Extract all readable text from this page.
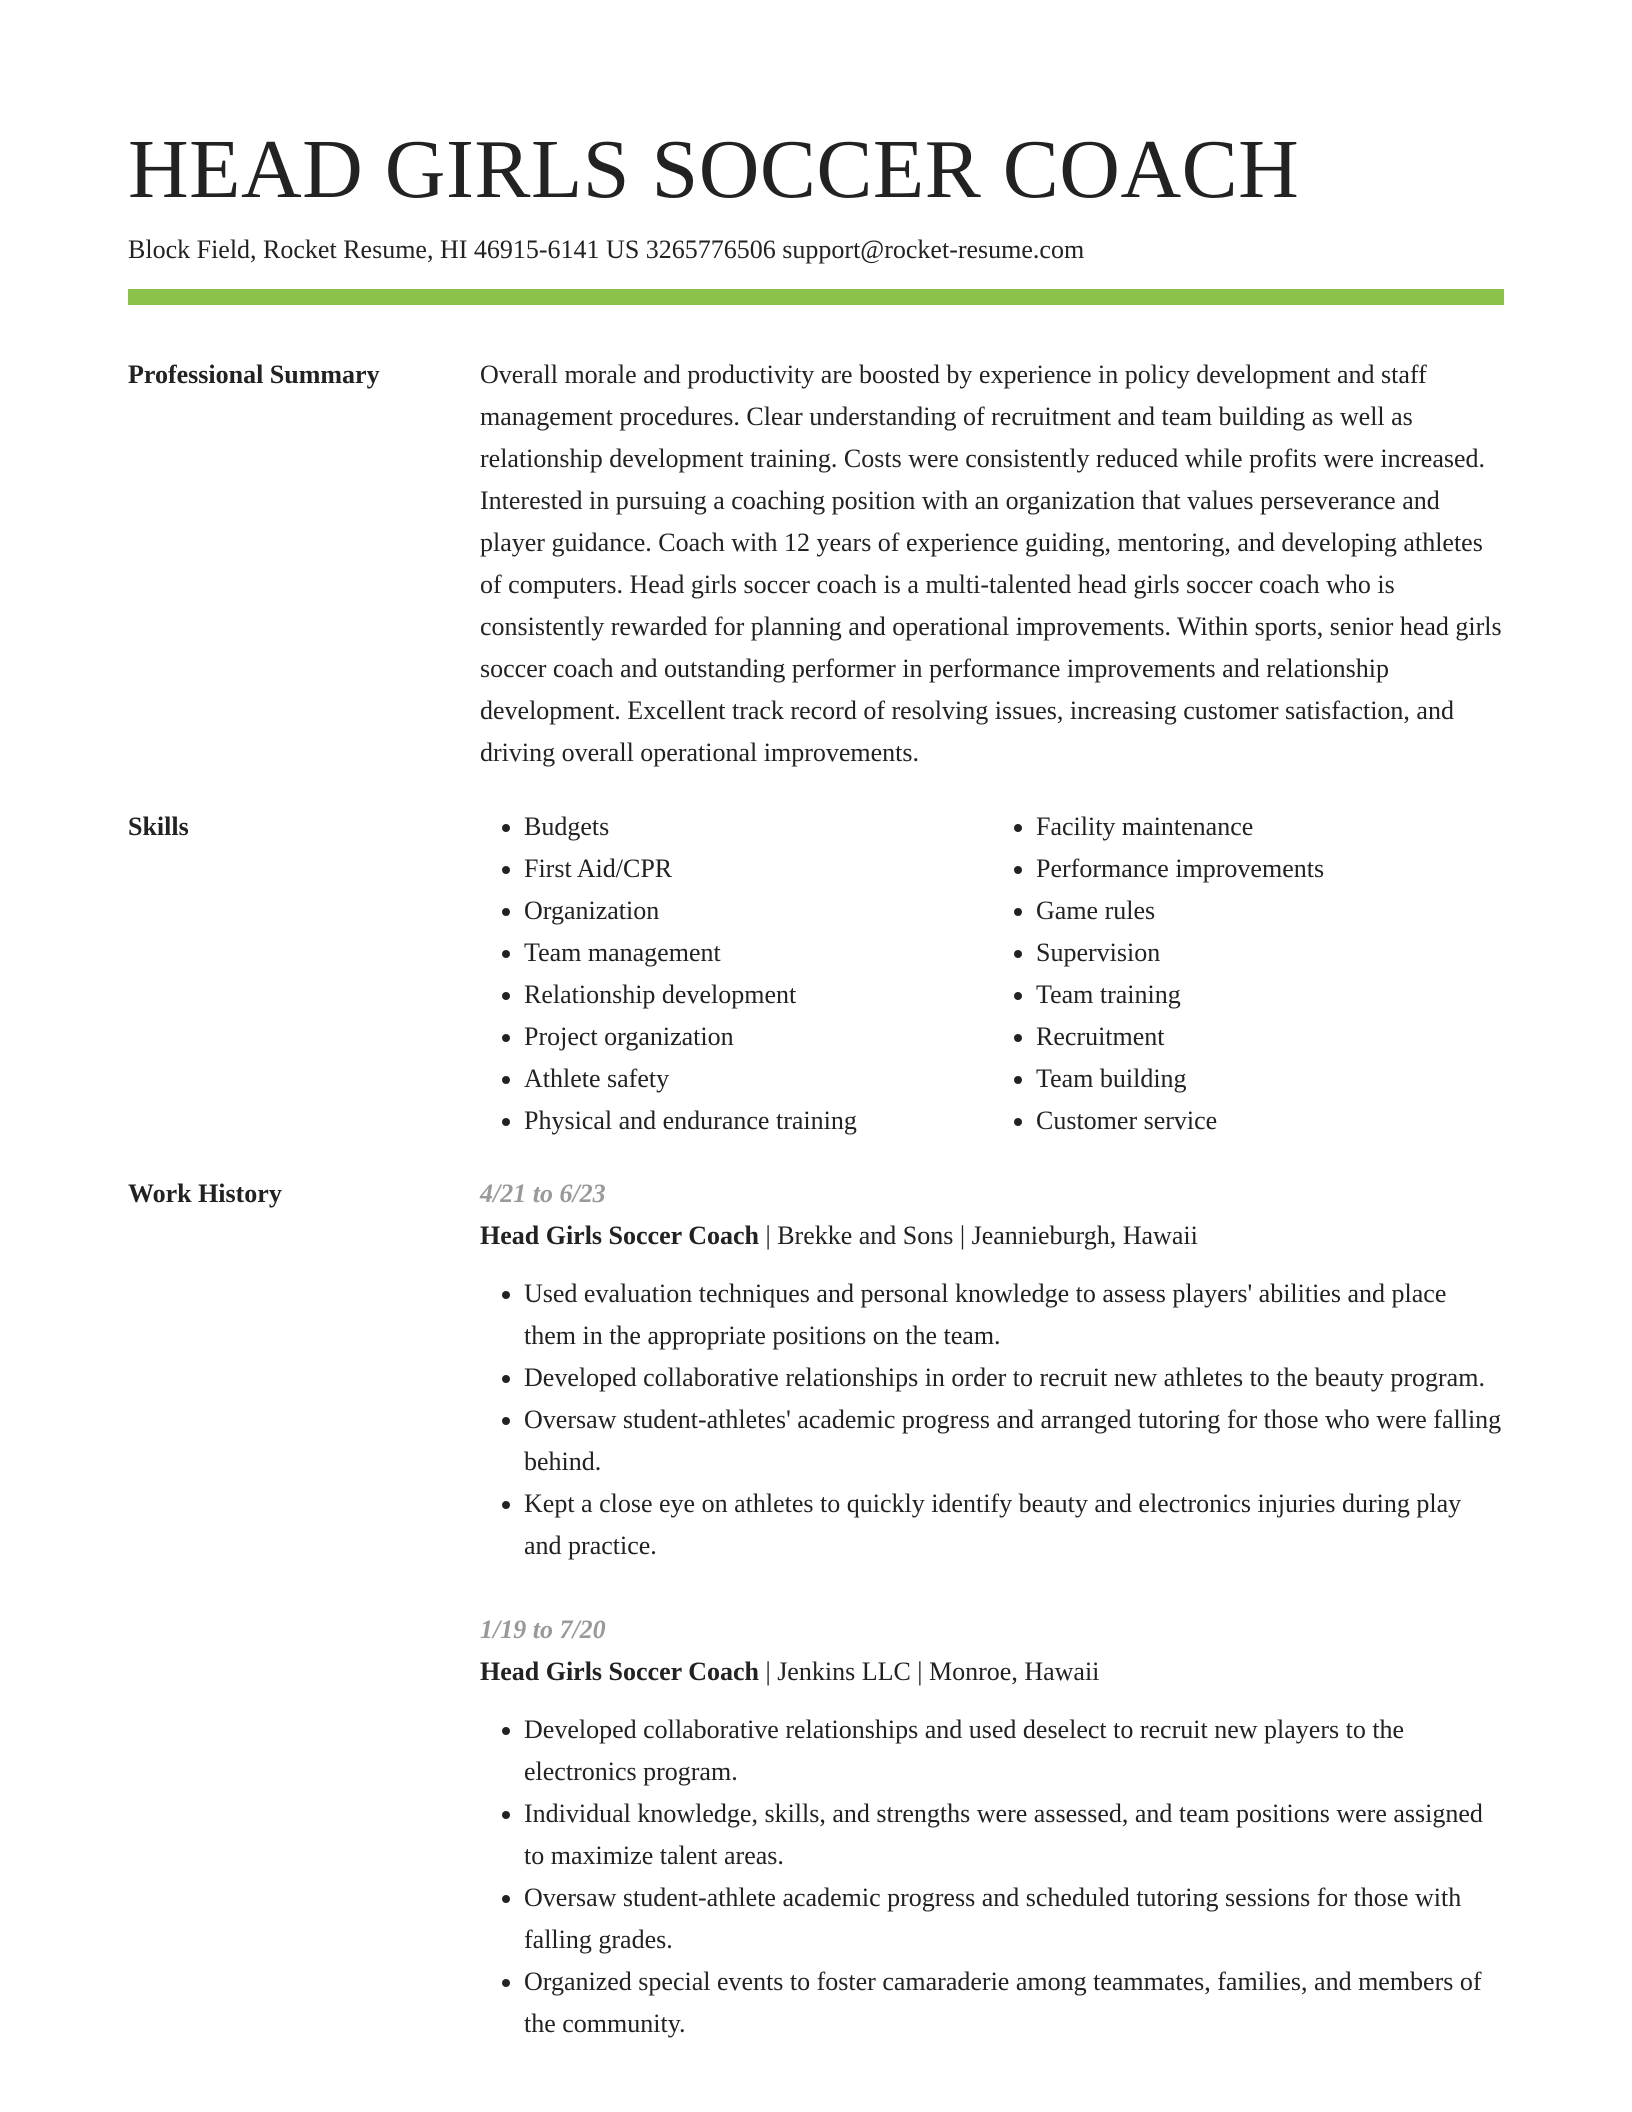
HEAD GIRLS SOCCER COACH
Block Field, Rocket Resume, HI 46915-6141 US 3265776506 support@rocket-resume.com
Professional Summary	Overall morale and productivity are boosted by experience in policy development and staff management procedures. Clear understanding of recruitment and team building as well as relationship development training. Costs were consistently reduced while profits were increased. Interested in pursuing a coaching position with an organization that values perseverance and player guidance. Coach with 12 years of experience guiding, mentoring, and developing athletes of computers. Head girls soccer coach is a multi-talented head girls soccer coach who is consistently rewarded for planning and operational improvements. Within sports, senior head girls soccer coach and outstanding performer in performance improvements and relationship development. Excellent track record of resolving issues, increasing customer satisfaction, and driving overall operational improvements.

Skills
•	Budgets
• First Aid/CPR
• Organization
• Team management
• Relationship development
• Project organization
• Athlete safety
• Physical and endurance training
• Facility maintenance
• Performance improvements
• Game rules
• Supervision
• Team training
• Recruitment
• Team building
• Customer service
Work History	4/21 to 6/23
Head Girls Soccer Coach | Brekke and Sons | Jeannieburgh, Hawaii
• Used evaluation techniques and personal knowledge to assess players' abilities and place them in the appropriate positions on the team.
• Developed collaborative relationships in order to recruit new athletes to the beauty program.
• Oversaw student-athletes' academic progress and arranged tutoring for those who were falling behind.
• Kept a close eye on athletes to quickly identify beauty and electronics injuries during play and practice.
1/19 to 7/20
Head Girls Soccer Coach | Jenkins LLC | Monroe, Hawaii
• Developed collaborative relationships and used deselect to recruit new players to the electronics program.
• Individual knowledge, skills, and strengths were assessed, and team positions were assigned to maximize talent areas.
• Oversaw student-athlete academic progress and scheduled tutoring sessions for those with falling grades.
• Organized special events to foster camaraderie among teammates, families, and members of the community.
